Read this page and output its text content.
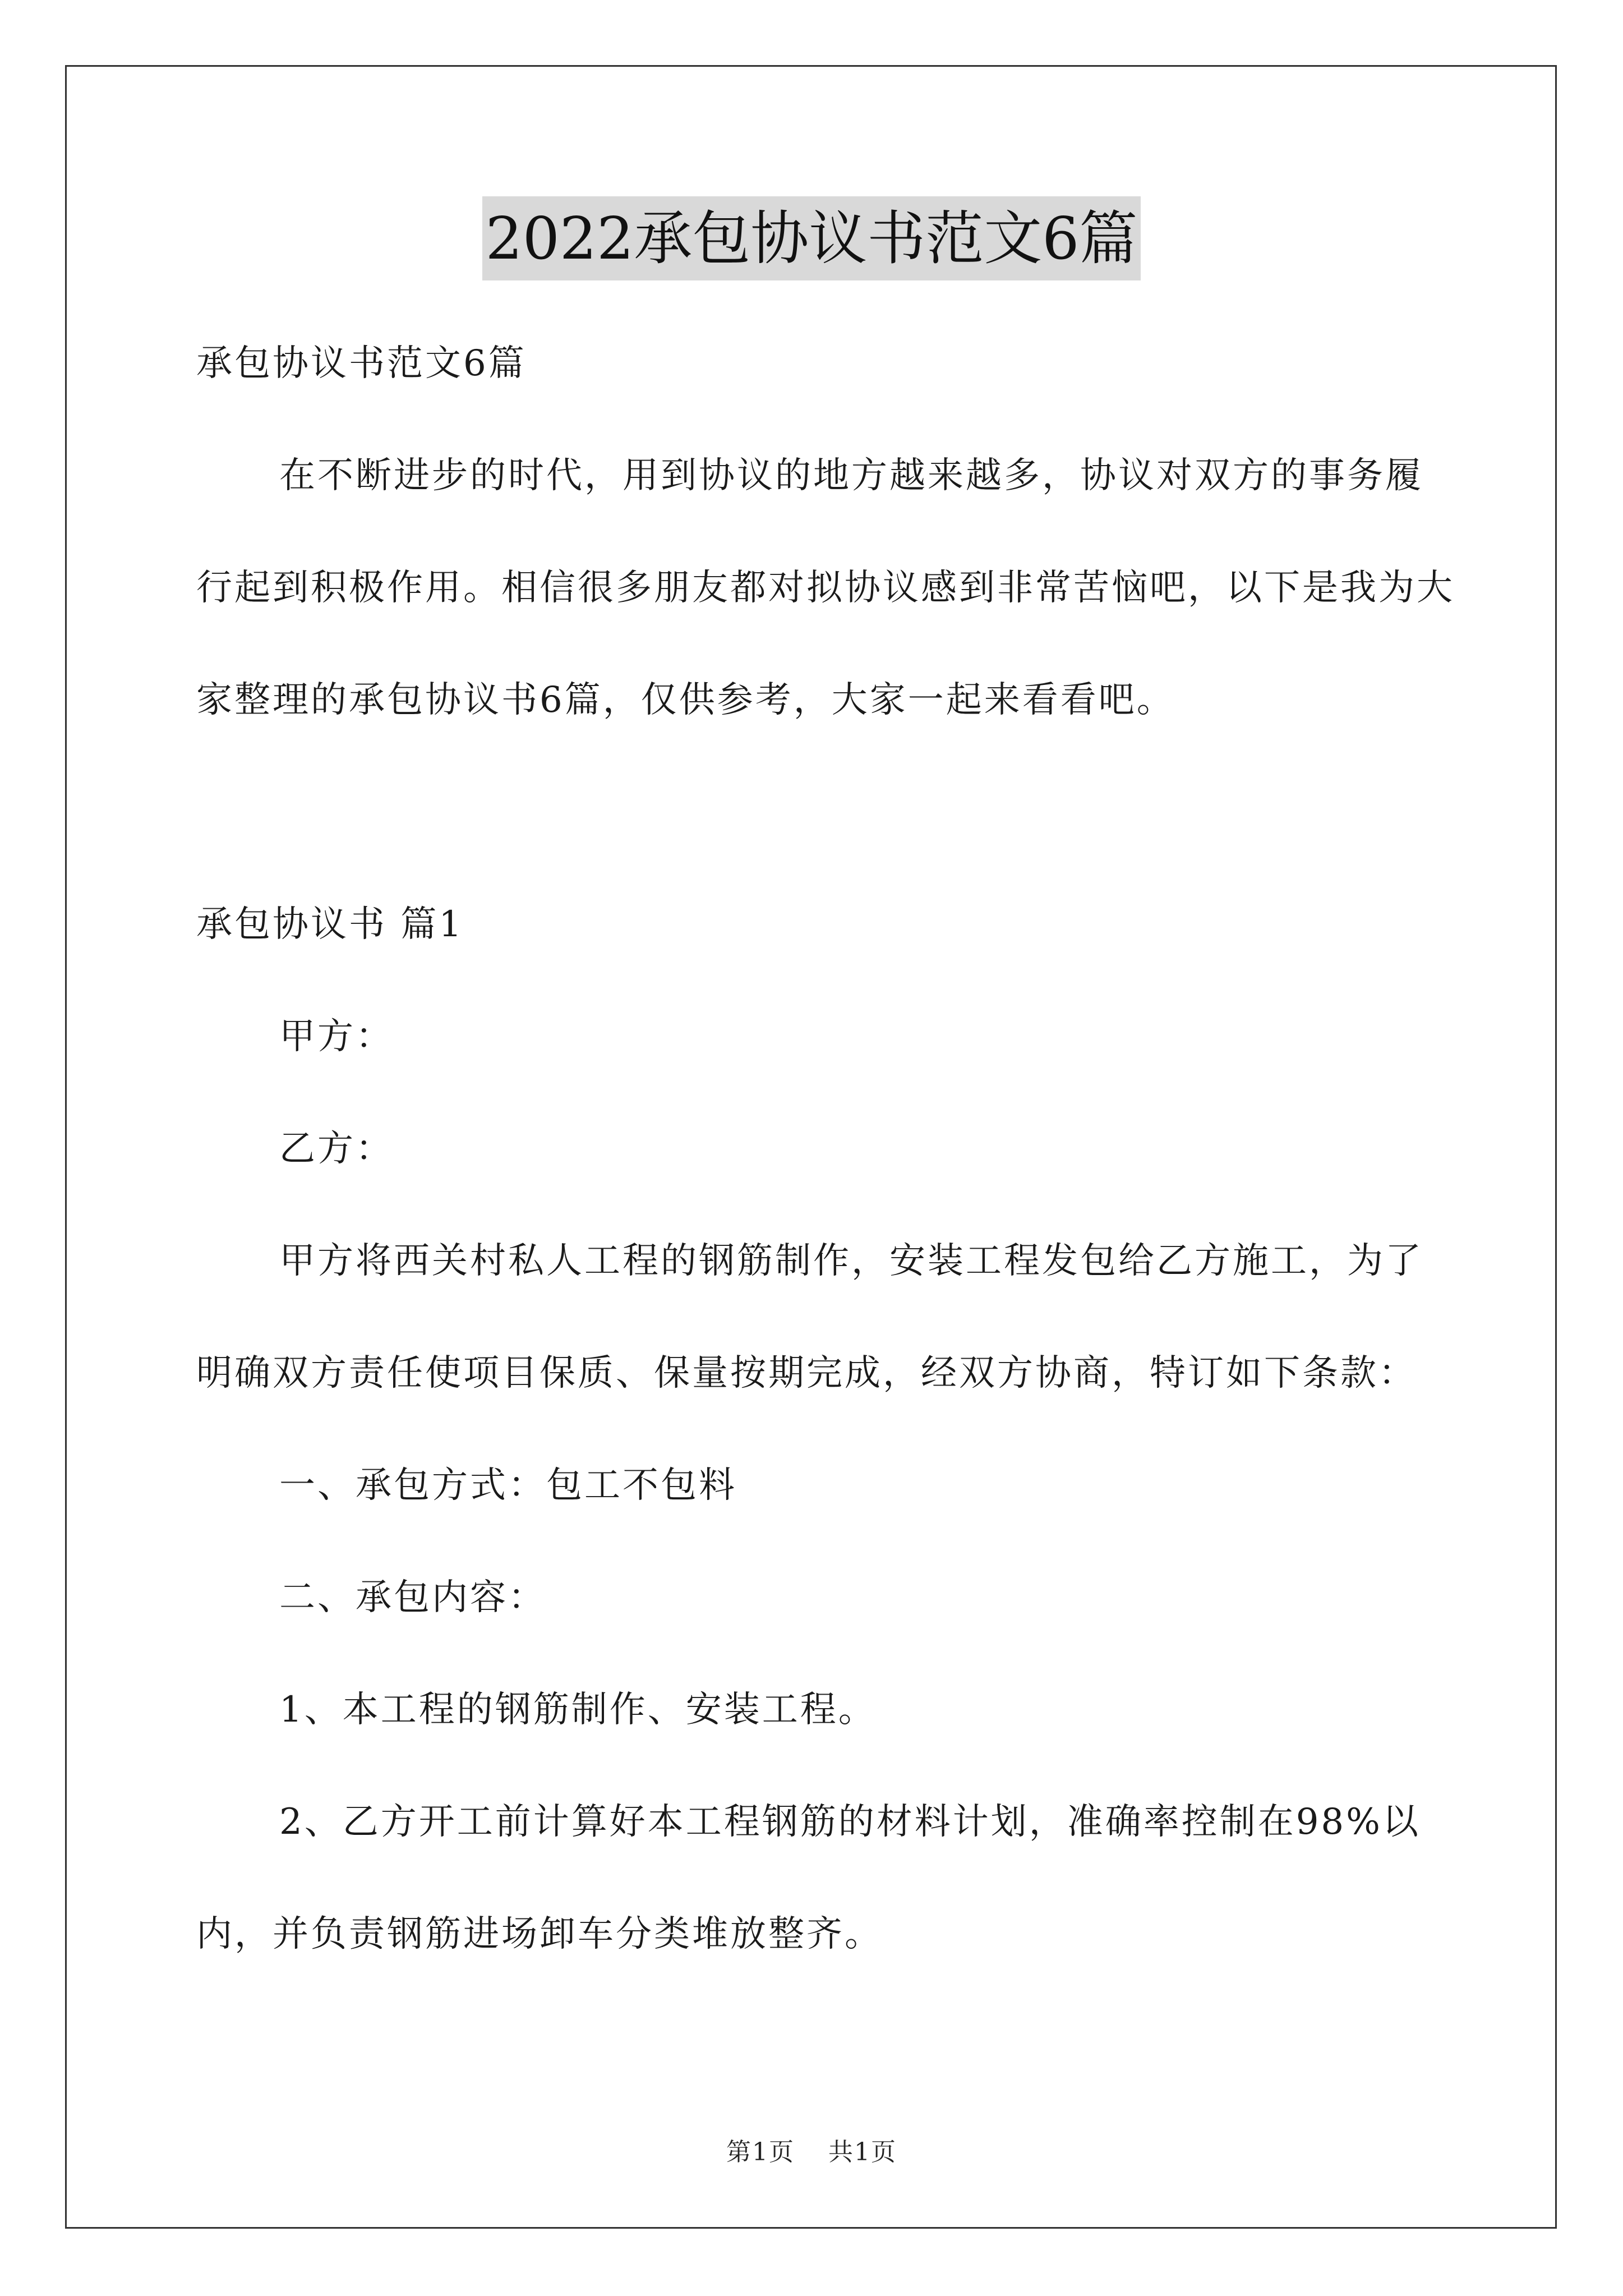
2022承包协议书范文6篇

承包协议书范文6篇

在不断进步的时代，用到协议的地方越来越多，协议对双方的事务履行起到积极作用。相信很多朋友都对拟协议感到非常苦恼吧，以下是我为大家整理的承包协议书6篇，仅供参考，大家一起来看看吧。

承包协议书 篇1

甲方：

乙方：

甲方将西关村私人工程的钢筋制作，安装工程发包给乙方施工，为了明确双方责任使项目保质、保量按期完成，经双方协商，特订如下条款：

一、承包方式：包工不包料

二、承包内容：

1、本工程的钢筋制作、安装工程。

2、乙方开工前计算好本工程钢筋的材料计划，准确率控制在98%以内，并负责钢筋进场卸车分类堆放整齐。

第1页 共1页
